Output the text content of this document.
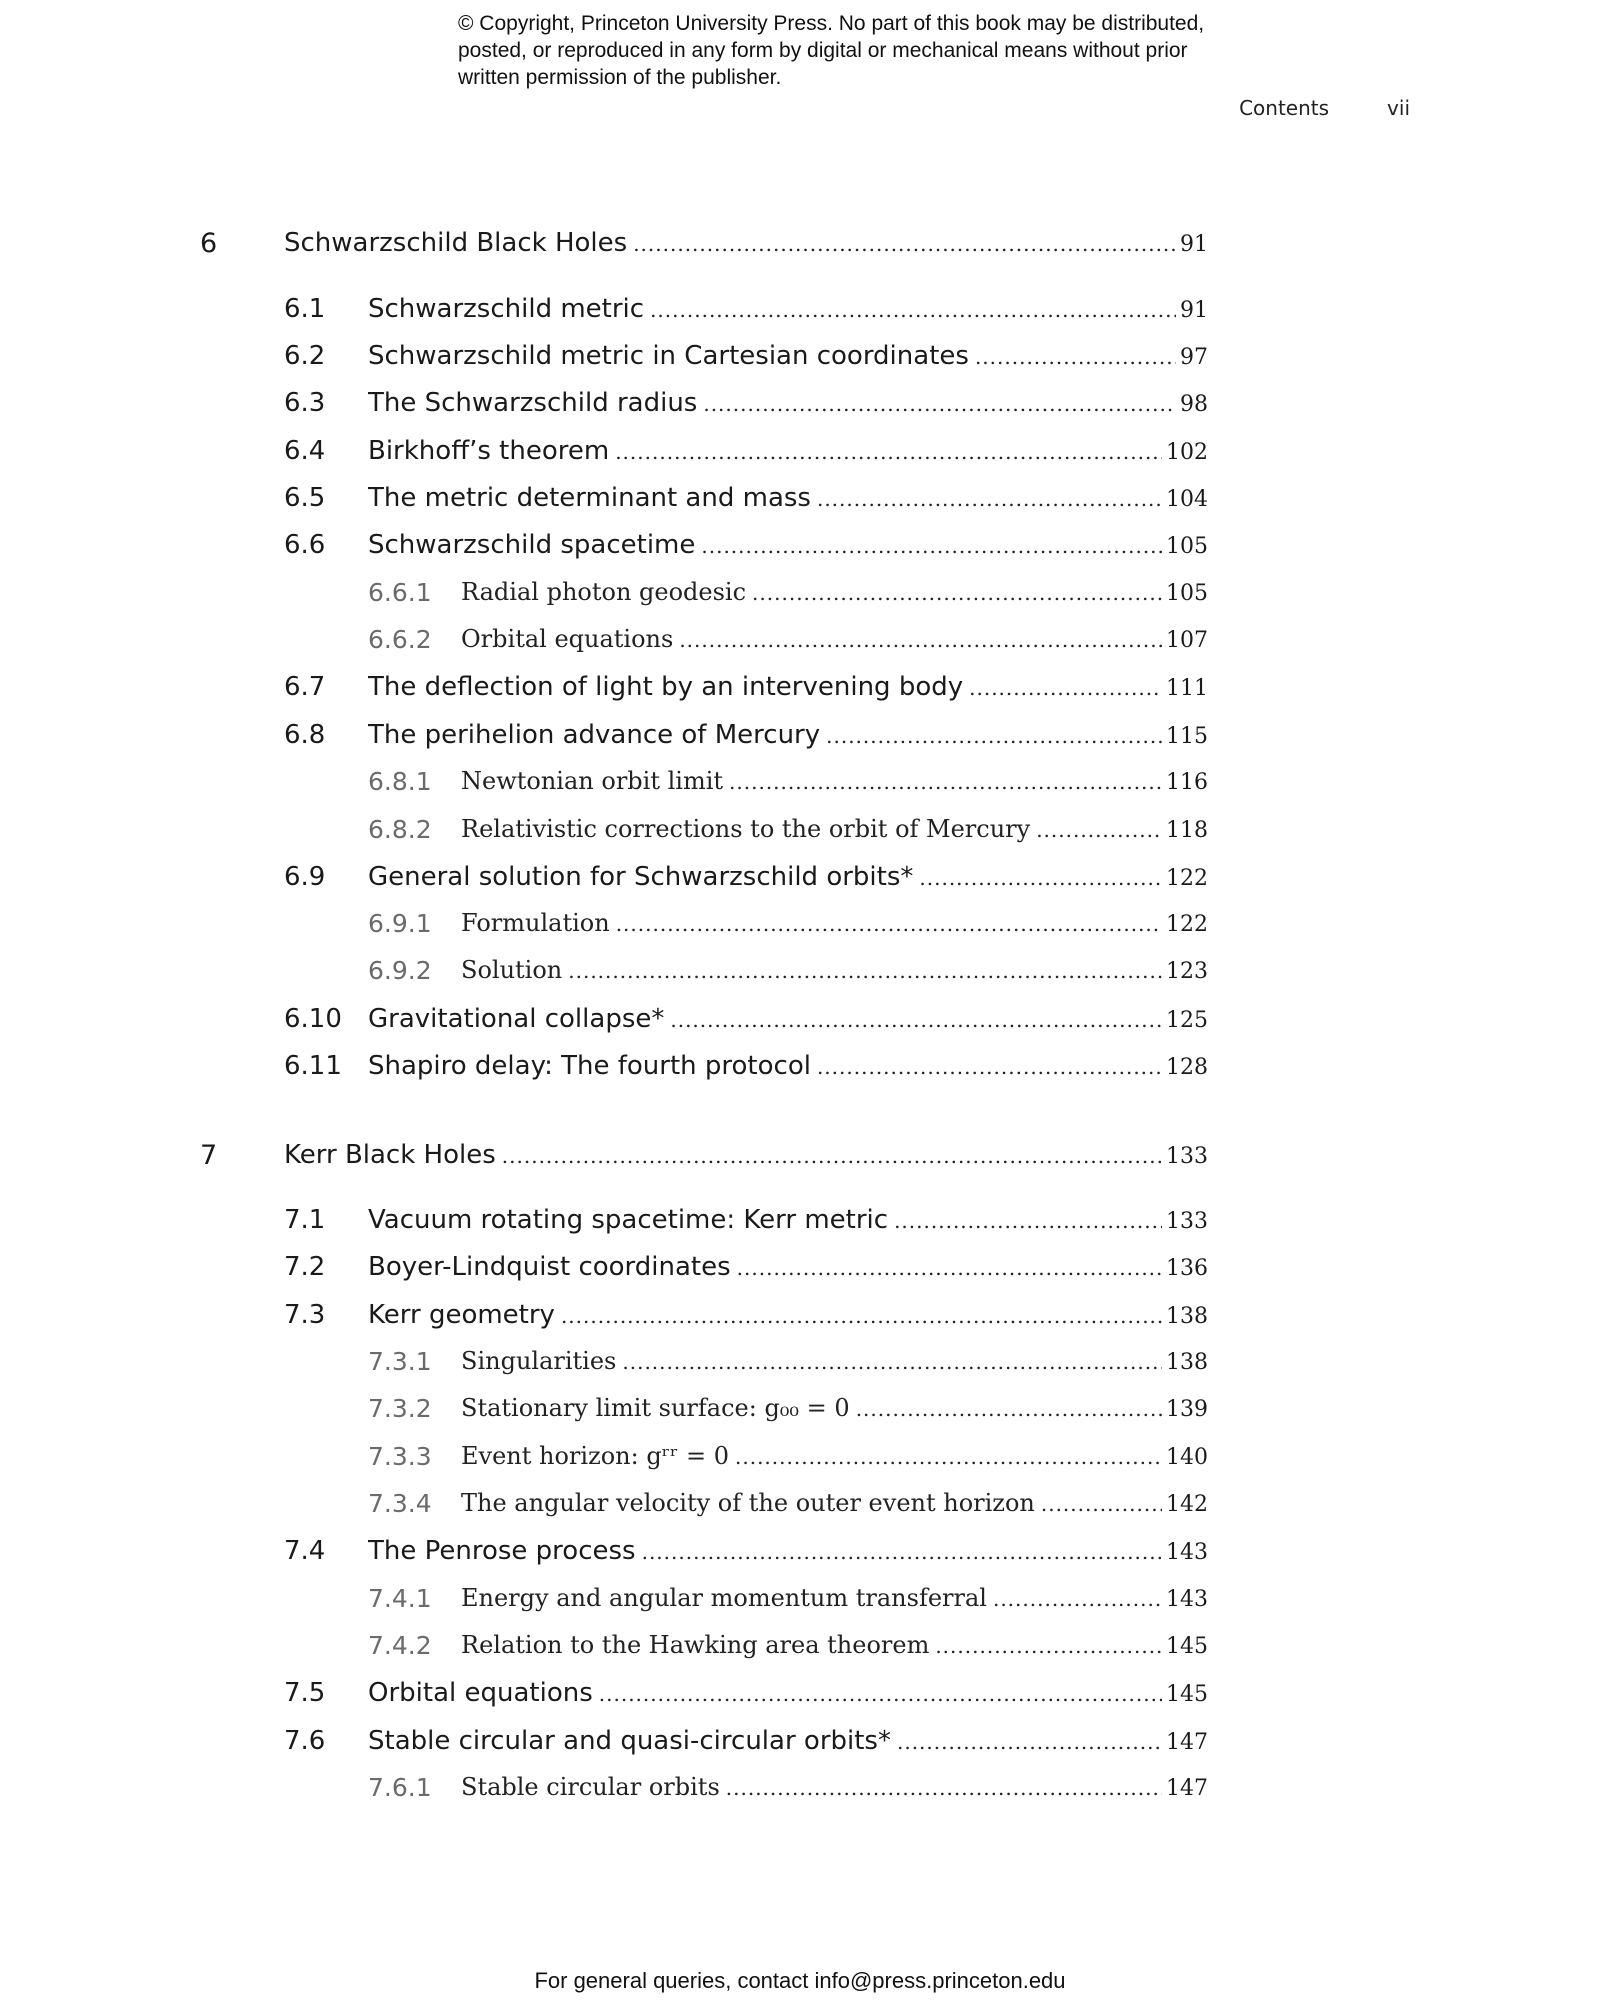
© Copyright, Princeton University Press. No part of this book may be distributed, posted, or reproduced in any form by digital or mechanical means without prior written permission of the publisher.
Contents	vii
6	Schwarzschild Black Holes .....	91
6.1 Schwarzschild metric .....	91
6.2 Schwarzschild metric in Cartesian coordinates .....	97
6.3 The Schwarzschild radius .....	98
6.4 Birkhoff’s theorem .....	102
6.5 The metric determinant and mass .....	104
6.6 Schwarzschild spacetime .....	105
6.6.1 Radial photon geodesic .....	105
6.6.2 Orbital equations .....	107
6.7 The deflection of light by an intervening body .....	111
6.8 The perihelion advance of Mercury .....	115
6.8.1 Newtonian orbit limit .....	116
6.8.2 Relativistic corrections to the orbit of Mercury .....	118
6.9 General solution for Schwarzschild orbits* .....	122
6.9.1 Formulation .....	122
6.9.2 Solution .....	123
6.10 Gravitational collapse* .....	125
6.11 Shapiro delay: The fourth protocol .....	128
7	Kerr Black Holes .....	133
7.1 Vacuum rotating spacetime: Kerr metric .....	133
7.2 Boyer-Lindquist coordinates .....	136
7.3 Kerr geometry .....	138
7.3.1 Singularities .....	138
7.3.2 Stationary limit surface: g₀₀ = 0 .....	139
7.3.3 Event horizon: gʳʳ = 0 .....	140
7.3.4 The angular velocity of the outer event horizon .....	142
7.4 The Penrose process .....	143
7.4.1 Energy and angular momentum transferral .....	143
7.4.2 Relation to the Hawking area theorem .....	145
7.5 Orbital equations .....	145
7.6 Stable circular and quasi-circular orbits* .....	147
7.6.1 Stable circular orbits .....	147
For general queries, contact info@press.princeton.edu
